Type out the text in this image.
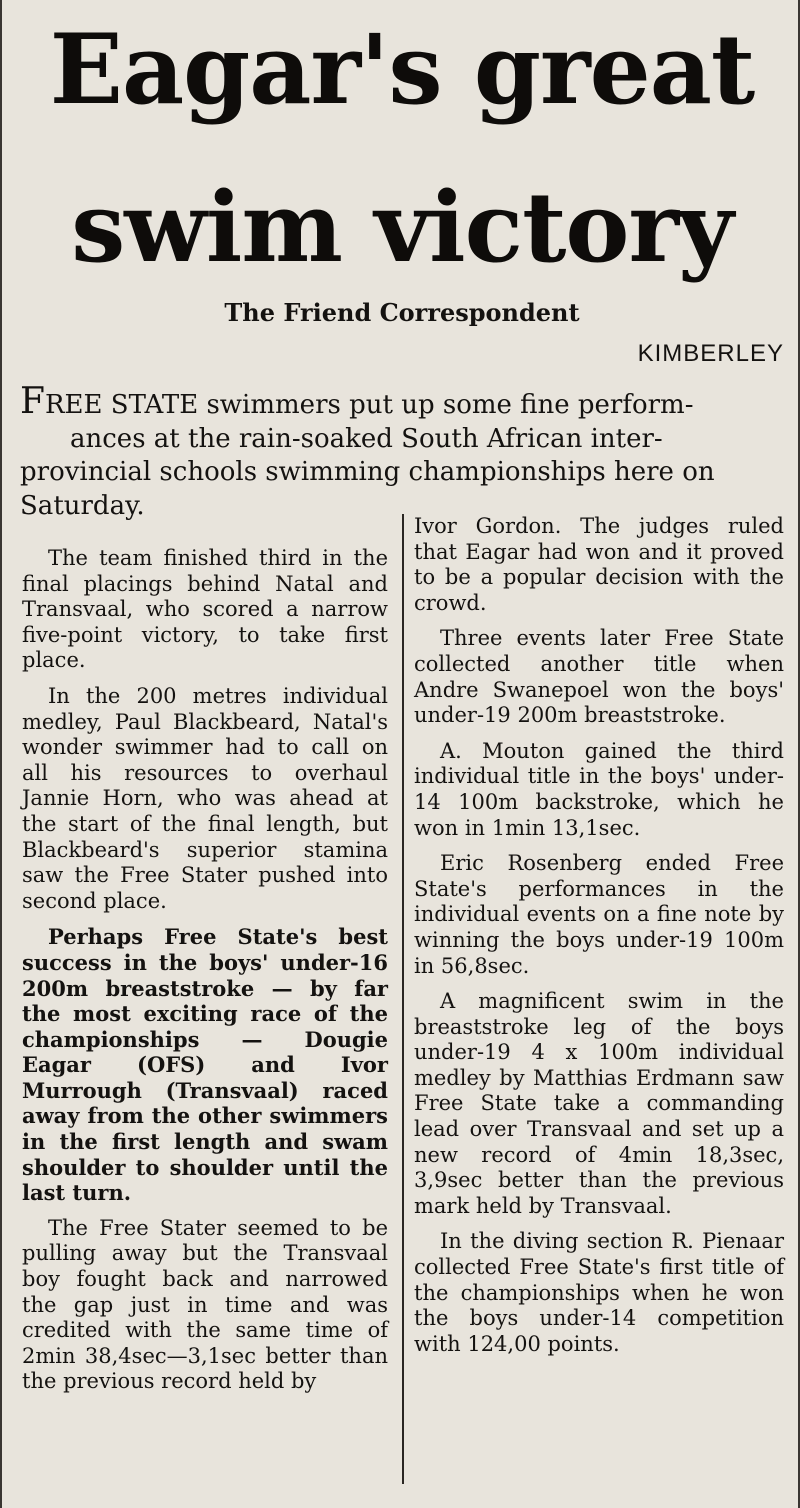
Eagar's great
swim victory

The Friend Correspondent

KIMBERLEY

FREE STATE swimmers put up some fine perform-
ances at the rain-soaked South African inter-
provincial schools swimming championships here on
Saturday.

The team finished third in the final placings behind Natal and Transvaal, who scored a narrow five-point victory, to take first place.

In the 200 metres individual medley, Paul Blackbeard, Natal's wonder swimmer had to call on all his resources to overhaul Jannie Horn, who was ahead at the start of the final length, but Blackbeard's superior stamina saw the Free Stater pushed into second place.

Perhaps Free State's best success in the boys' under-16 200m breaststroke — by far the most exciting race of the championships — Dougie Eagar (OFS) and Ivor Murrough (Transvaal) raced away from the other swimmers in the first length and swam shoulder to shoulder until the last turn.

The Free Stater seemed to be pulling away but the Transvaal boy fought back and narrowed the gap just in time and was credited with the same time of 2min 38,4sec—3,1sec better than the previous record held by

Ivor Gordon. The judges ruled that Eagar had won and it proved to be a popular decision with the crowd.

Three events later Free State collected another title when Andre Swanepoel won the boys' under-19 200m breaststroke.

A. Mouton gained the third individual title in the boys' under-14 100m backstroke, which he won in 1min 13,1sec.

Eric Rosenberg ended Free State's performances in the individual events on a fine note by winning the boys under-19 100m in 56,8sec.

A magnificent swim in the breaststroke leg of the boys under-19 4 x 100m individual medley by Matthias Erdmann saw Free State take a commanding lead over Transvaal and set up a new record of 4min 18,3sec, 3,9sec better than the previous mark held by Transvaal.

In the diving section R. Pienaar collected Free State's first title of the championships when he won the boys under-14 competition with 124,00 points.
